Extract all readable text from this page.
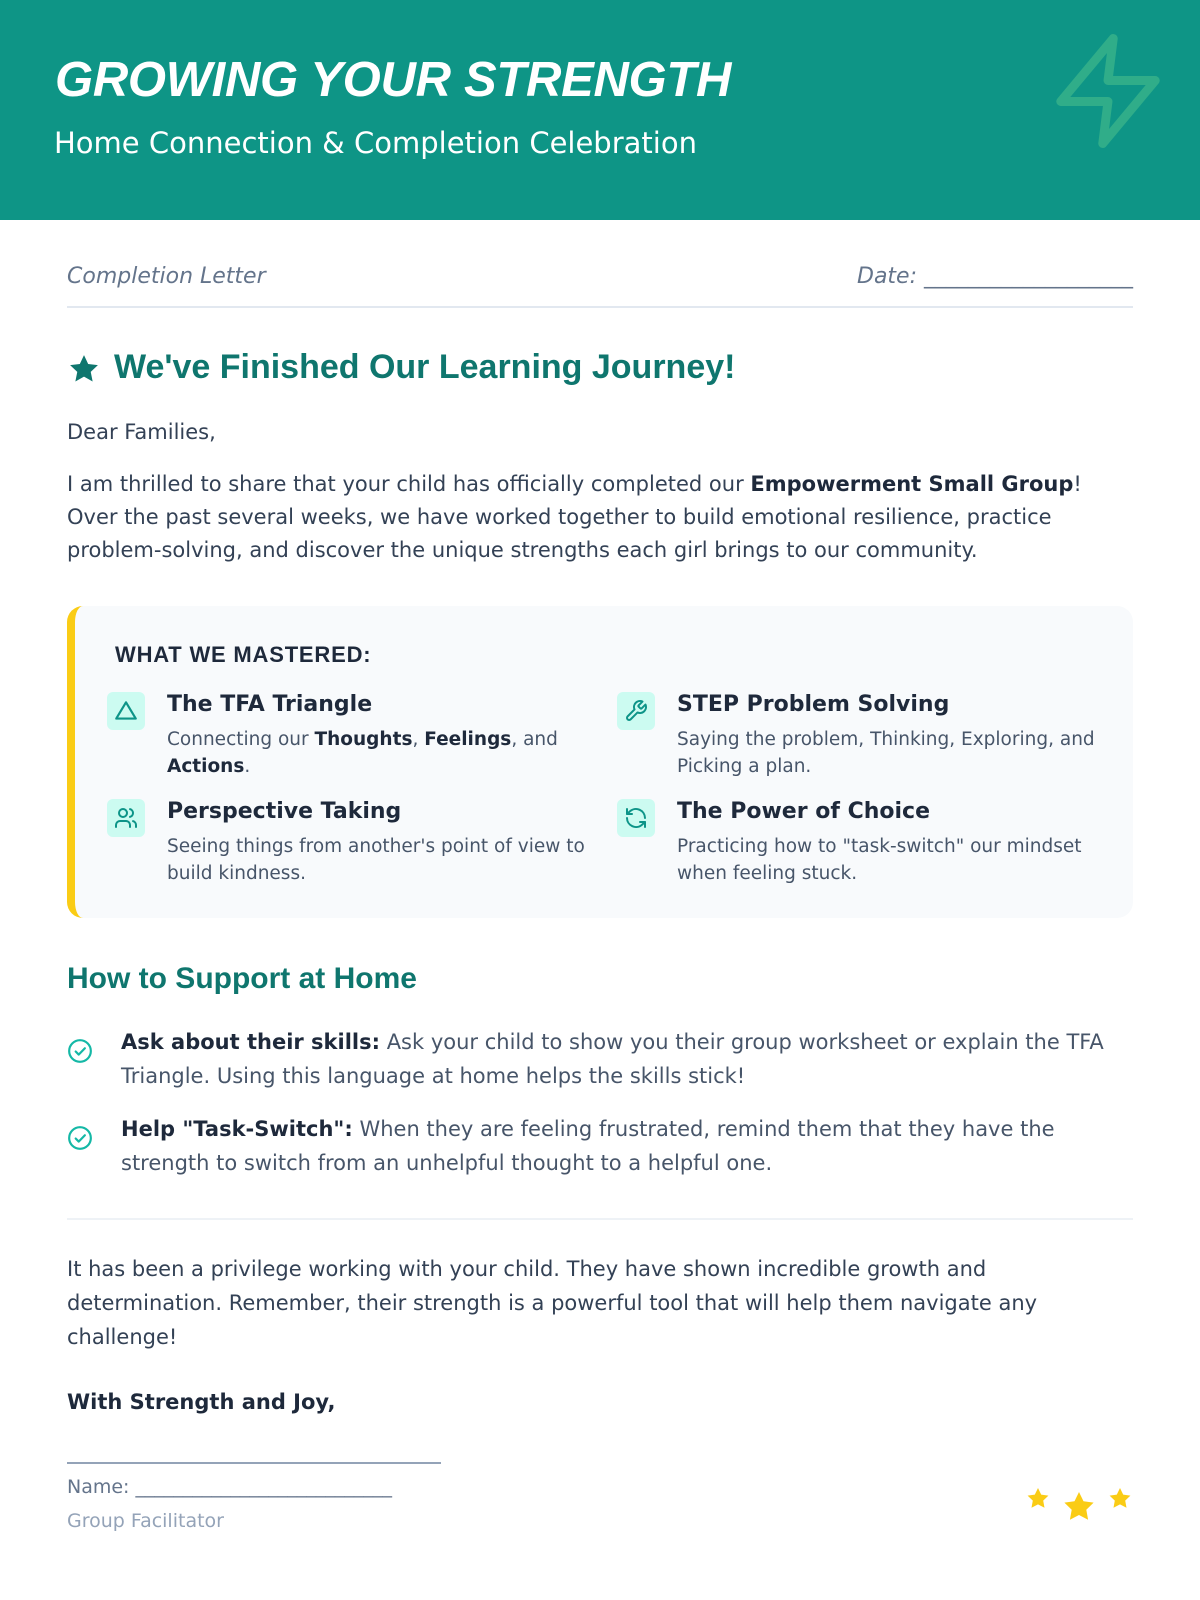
GROWING YOUR STRENGTH
Home Connection & Completion Celebration
Completion Letter	Date: ___________________
We've Finished Our Learning Journey!
Dear Families,
I am thrilled to share that your child has officially completed our Empowerment Small Group! Over the past several weeks, we have worked together to build emotional resilience, practice problem-solving, and discover the unique strengths each girl brings to our community.
WHAT WE MASTERED:
The TFA Triangle
Connecting our Thoughts, Feelings, and Actions.
STEP Problem Solving
Saying the problem, Thinking, Exploring, and Picking a plan.
Perspective Taking
Seeing things from another's point of view to build kindness.
The Power of Choice
Practicing how to "task-switch" our mindset when feeling stuck.
How to Support at Home
Ask about their skills: Ask your child to show you their group worksheet or explain the TFA Triangle. Using this language at home helps the skills stick!
Help "Task-Switch": When they are feeling frustrated, remind them that they have the strength to switch from an unhelpful thought to a helpful one.
It has been a privilege working with your child. They have shown incredible growth and determination. Remember, their strength is a powerful tool that will help them navigate any challenge!
With Strength and Joy,
Name: ___________________________
Group Facilitator
